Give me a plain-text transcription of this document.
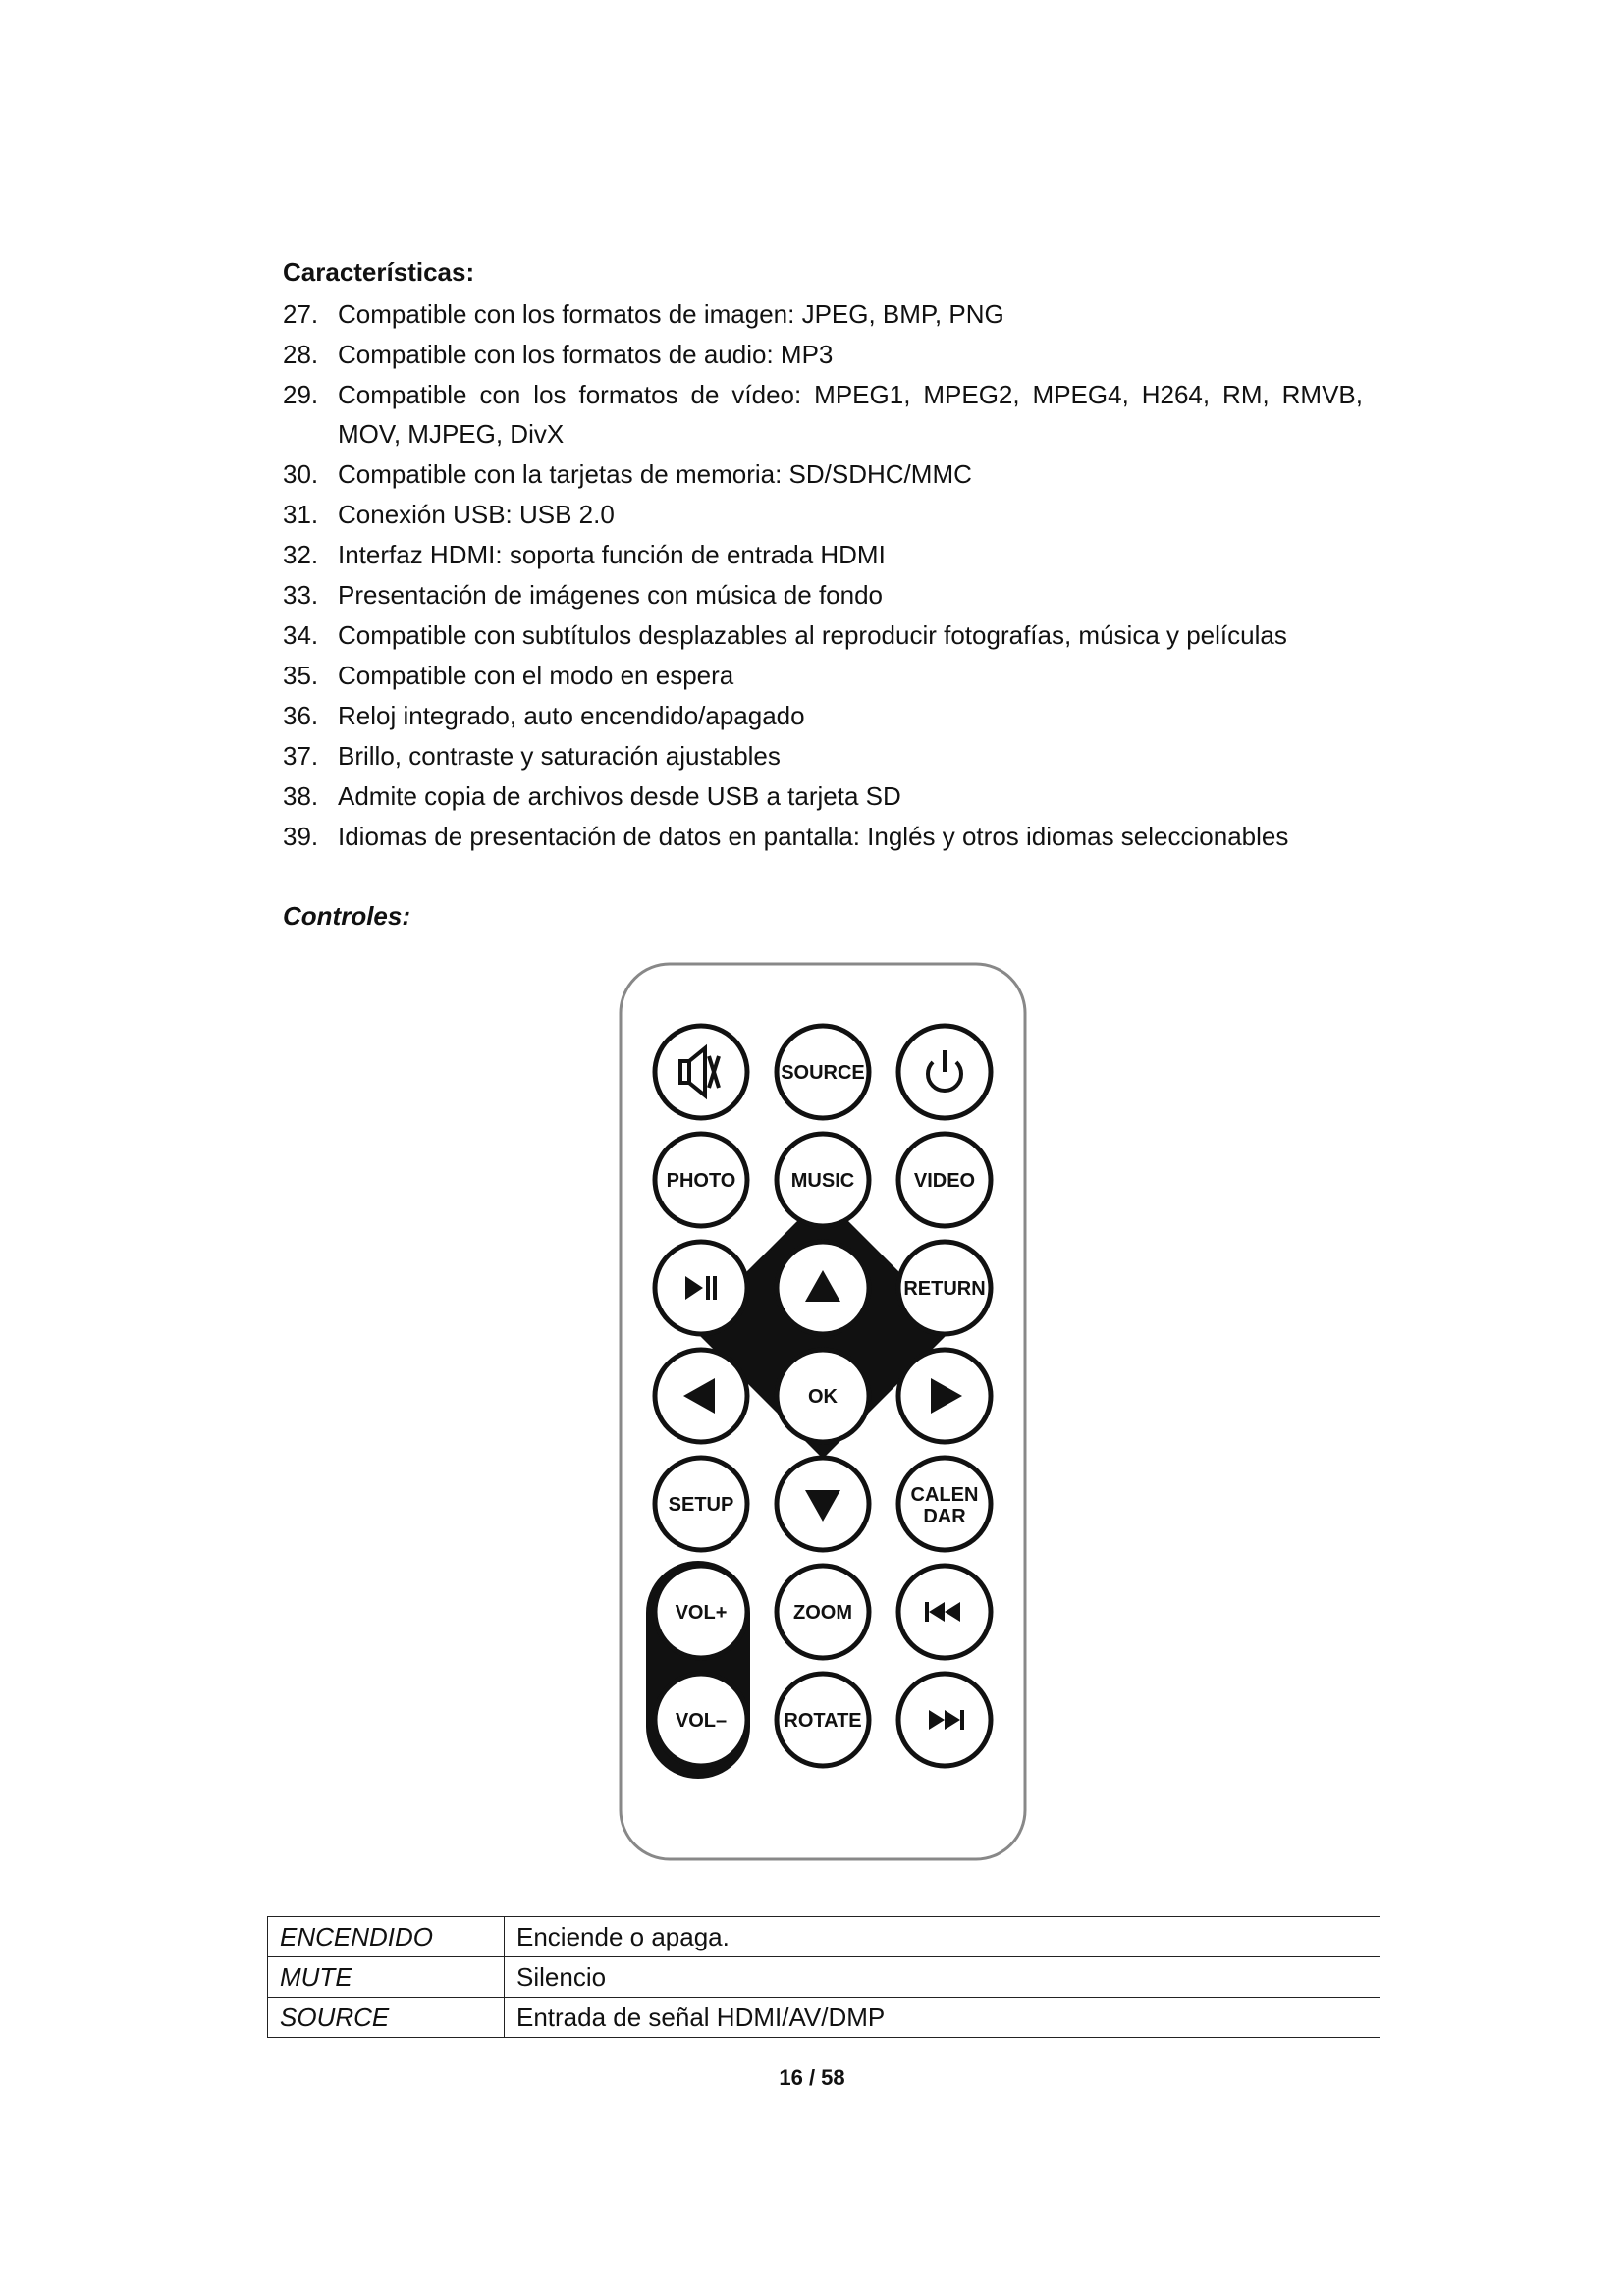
Características:
27. Compatible con los formatos de imagen: JPEG, BMP, PNG
28. Compatible con los formatos de audio: MP3
29. Compatible con los formatos de vídeo: MPEG1, MPEG2, MPEG4, H264, RM, RMVB, MOV, MJPEG, DivX
30. Compatible con la tarjetas de memoria: SD/SDHC/MMC
31. Conexión USB: USB 2.0
32. Interfaz HDMI: soporta función de entrada HDMI
33. Presentación de imágenes con música de fondo
34. Compatible con subtítulos desplazables al reproducir fotografías, música y películas
35. Compatible con el modo en espera
36. Reloj integrado, auto encendido/apagado
37. Brillo, contraste y saturación ajustables
38. Admite copia de archivos desde USB a tarjeta SD
39. Idiomas de presentación de datos en pantalla: Inglés y otros idiomas seleccionables
Controles:
SOURCE
PHOTO	MUSIC	VIDEO
RETURN
OK
SETUP	CALEN
DAR
VOL+	ZOOM
VOL–	ROTATE
ENCENDIDO	Enciende o apaga.
MUTE	Silencio
SOURCE	Entrada de señal HDMI/AV/DMP
16 / 58
